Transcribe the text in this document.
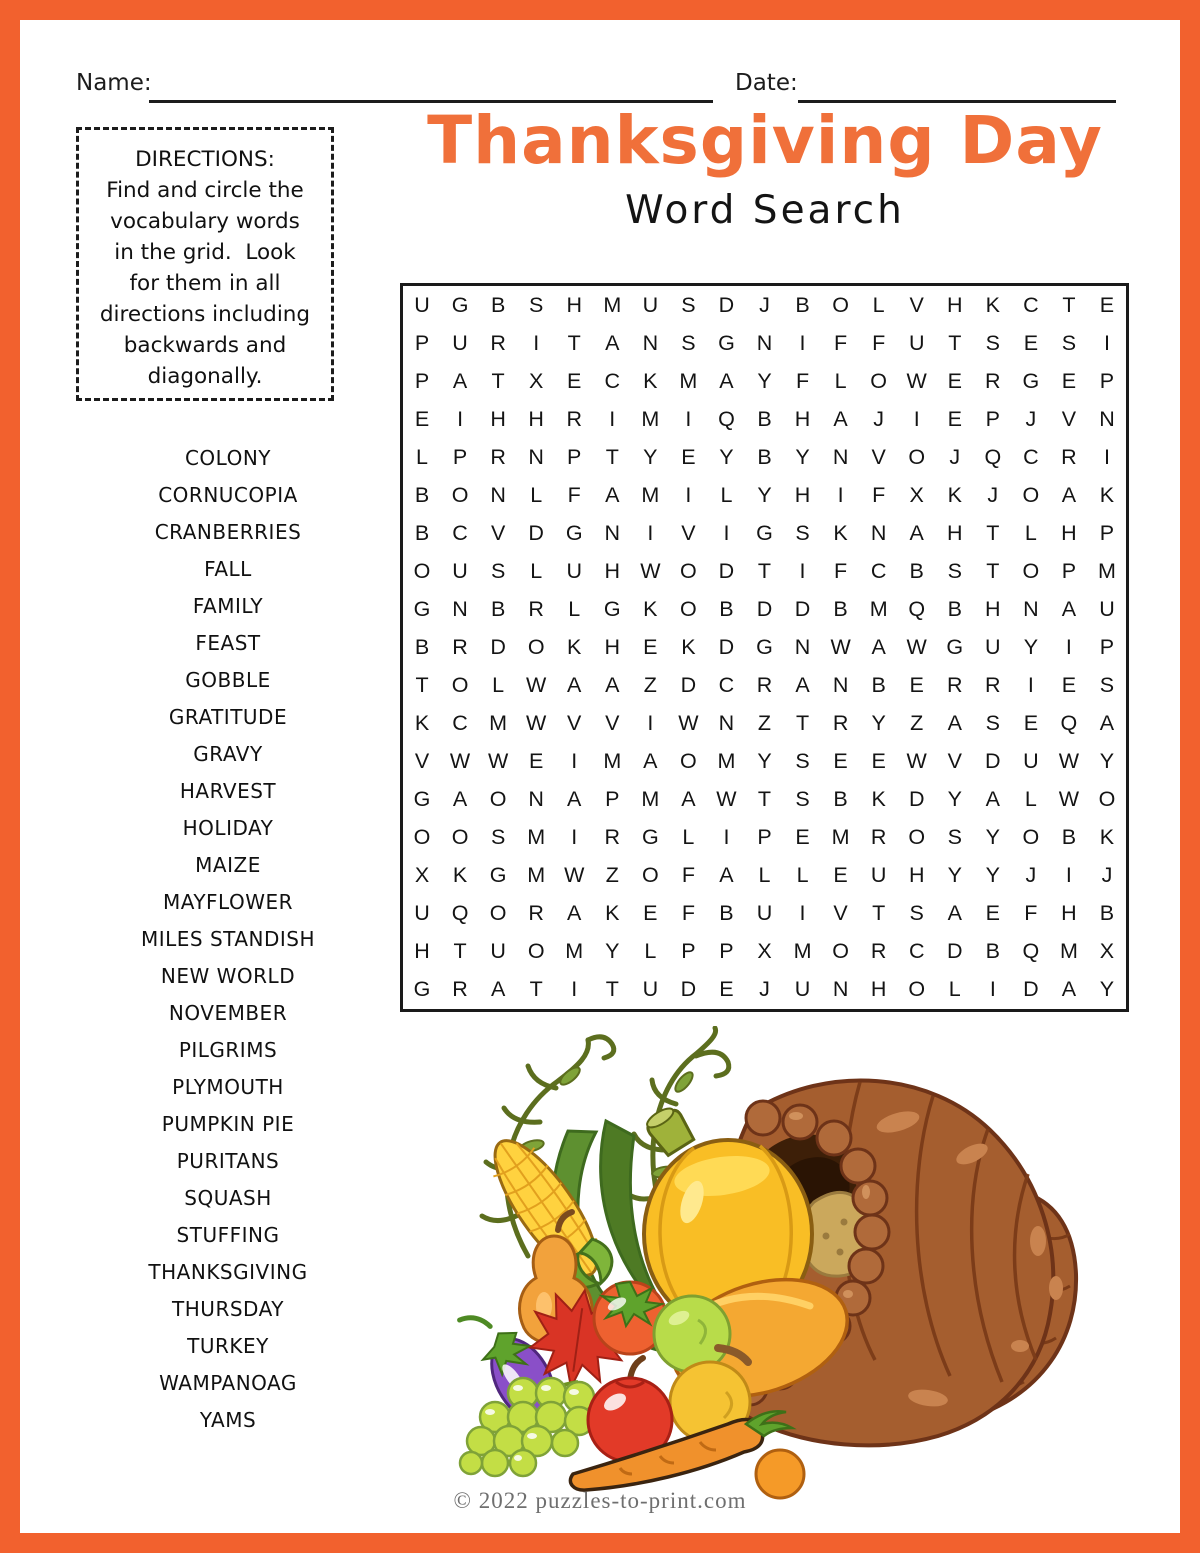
Name:	Date:
Thanksgiving Day
Word Search
DIRECTIONS:
Find and circle the
vocabulary words
in the grid.  Look
for them in all
directions including
backwards and
diagonally.
COLONY
CORNUCOPIA
CRANBERRIES
FALL
FAMILY
FEAST
GOBBLE
GRATITUDE
GRAVY
HARVEST
HOLIDAY
MAIZE
MAYFLOWER
MILES STANDISH
NEW WORLD
NOVEMBER
PILGRIMS
PLYMOUTH
PUMPKIN PIE
PURITANS
SQUASH
STUFFING
THANKSGIVING
THURSDAY
TURKEY
WAMPANOAG
YAMS
U	G	B	S	H M U	S	D	J	B	O	L	V	H	K	C	T	E
P	U	R	I	T	A	N	S	G	N	I	F	F	U	T	S	E	S	I
P	A	T	X	E	C	K	M	A	Y	F	L	O W E	R	G	E	P
E	I	H	H	R	I	M	I	Q	B	H	A	J	I	E	P	J	V	N
L	P	R	N	P	T	Y	E	Y	B	Y	N	V	O	J	Q	C	R	I
B	O	N	L	F	A	M	I	L	Y	H	I	F	X	K	J	O	A	K
B	C	V	D	G	N	I	V	I	G	S	K	N	A	H	T	L	H	P
O	U	S	L	U	H W O	D	T	I	F	C	B	S	T	O	P	M
G	N	B	R	L	G	K	O	B	D	D	B	M Q	B	H	N	A	U
B	R	D	O	K	H	E	K	D	G	N W A W G	U	Y	I	P
T	O	L	W A	A	Z	D	C	R	A	N	B	E	R	R	I	E	S
K	C M W V	V	I	W N	Z	T	R	Y	Z	A	S	E	Q	A
V W W E	I	M	A	O M	Y	S	E	E W V	D	U W Y
G	A	O	N	A	P	M	A W T	S	B	K	D	Y	A	L	W O
O O	S	M	I	R	G	L	I	P	E	M R	O	S	Y	O	B	K
X	K	G M W Z	O	F	A	L	L	E	U	H	Y	Y	J	I	J
U	Q O	R	A	K	E	F	B	U	I	V	T	S	A	E	F	H	B
H	T	U	O M	Y	L	P	P	X	M O	R	C	D	B	Q M	X
G	R	A	T	I	T	U	D	E	J	U	N	H	O	L	I	D	A	Y
© 2022 puzzles-to-print.com
